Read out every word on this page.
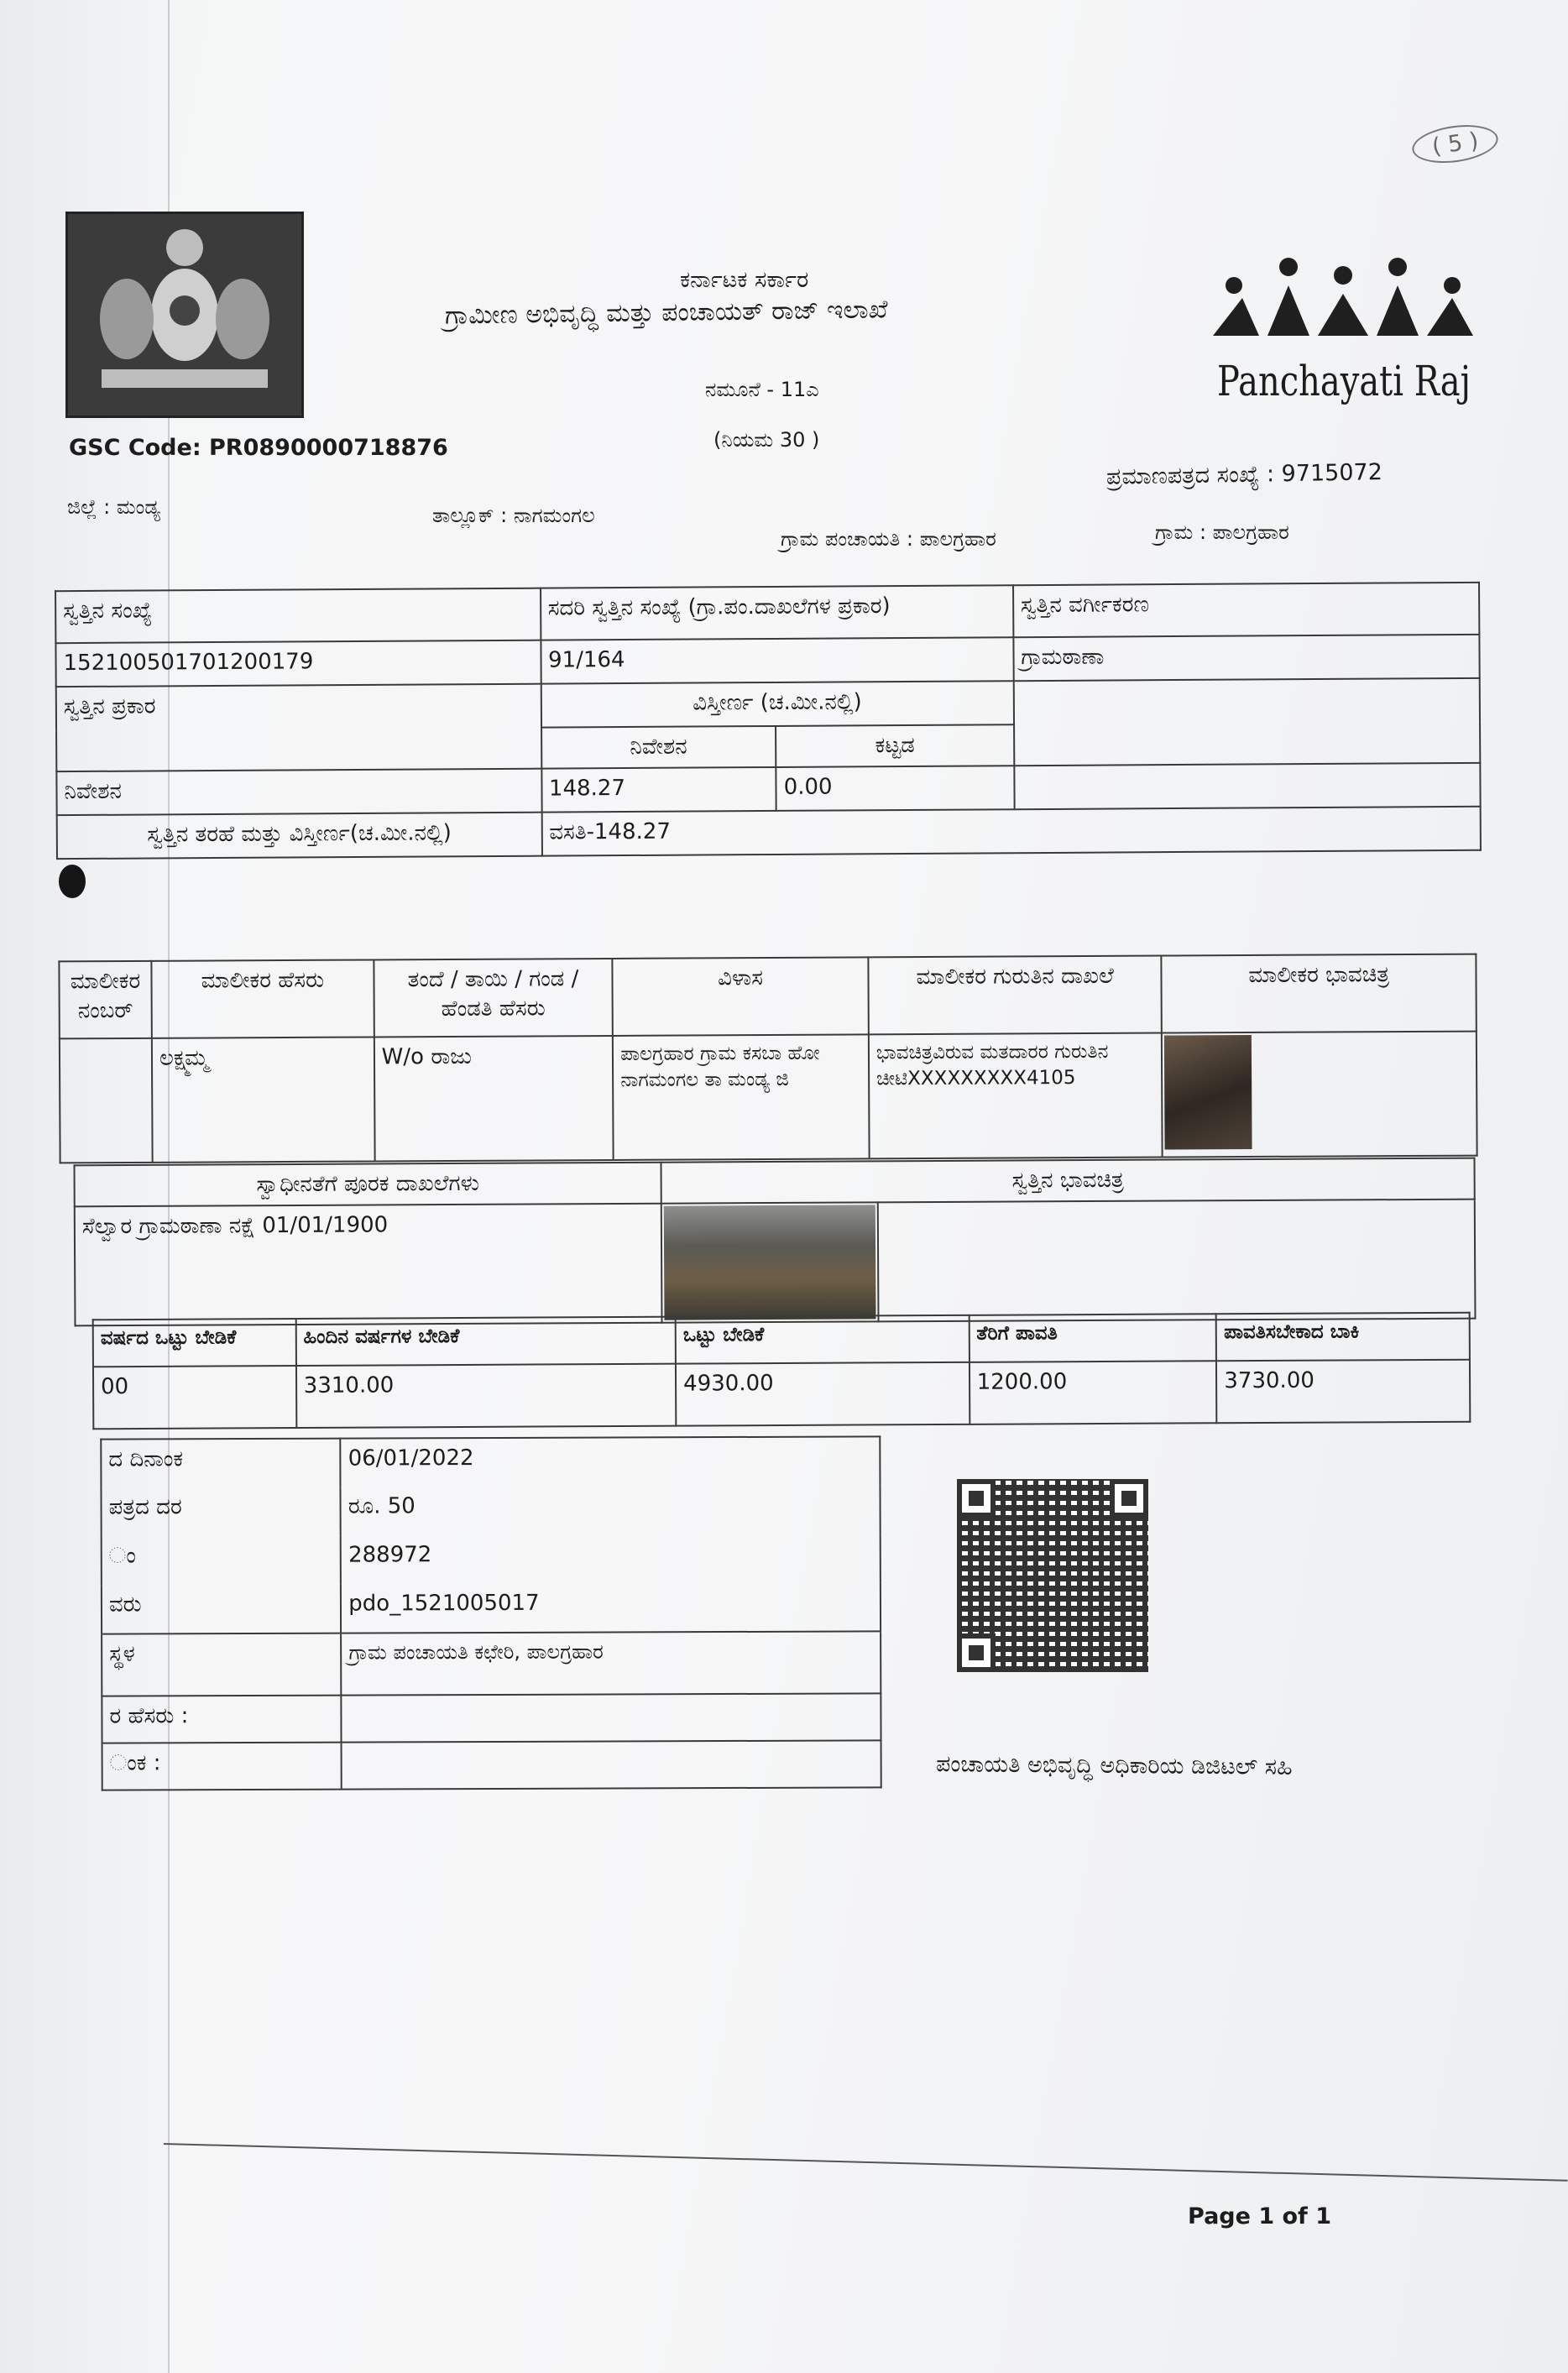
( 5 )
ಕರ್ನಾಟಕ ಸರ್ಕಾರ
ಗ್ರಾಮೀಣ ಅಭಿವೃದ್ಧಿ ಮತ್ತು ಪಂಚಾಯತ್ ರಾಜ್ ಇಲಾಖೆ
ನಮೂನೆ - 11ಎ
(ನಿಯಮ 30 )
Panchayati Raj
GSC Code: PR0890000718876
ಪ್ರಮಾಣಪತ್ರದ ಸಂಖ್ಯೆ : 9715072
ಜಿಲ್ಲೆ : ಮಂಡ್ಯ	ತಾಲ್ಲೂಕ್ : ನಾಗಮಂಗಲ
ಗ್ರಾಮ ಪಂಚಾಯತಿ : ಪಾಲಗ್ರಹಾರ	ಗ್ರಾಮ : ಪಾಲಗ್ರಹಾರ
ಸ್ವತ್ತಿನ ಸಂಖ್ಯೆ	ಸದರಿ ಸ್ವತ್ತಿನ ಸಂಖ್ಯೆ (ಗ್ರಾ.ಪಂ.ದಾಖಲೆಗಳ ಪ್ರಕಾರ)		ಸ್ವತ್ತಿನ ವರ್ಗೀಕರಣ
152100501701200179	91/164		ಗ್ರಾಮಠಾಣಾ
ಸ್ವತ್ತಿನ ಪ್ರಕಾರ	ವಿಸ್ತೀರ್ಣ (ಚ.ಮೀ.ನಲ್ಲಿ)		
	ನಿವೇಶನ	ಕಟ್ಟಡ	
ನಿವೇಶನ	148.27	0.00	
ಸ್ವತ್ತಿನ ತರಹೆ ಮತ್ತು ವಿಸ್ತೀರ್ಣ(ಚ.ಮೀ.ನಲ್ಲಿ)	ವಸತಿ-148.27		
ಮಾಲೀಕರ ನಂಬರ್	ಮಾಲೀಕರ ಹೆಸರು	ತಂದೆ / ತಾಯಿ / ಗಂಡ / ಹೆಂಡತಿ ಹೆಸರು	ವಿಳಾಸ	ಮಾಲೀಕರ ಗುರುತಿನ ದಾಖಲೆ	ಮಾಲೀಕರ ಭಾವಚಿತ್ರ
	ಲಕ್ಷ್ಮಮ್ಮ	W/o ರಾಜು	ಪಾಲಗ್ರಹಾರ ಗ್ರಾಮ ಕಸಬಾ ಹೋ ನಾಗಮಂಗಲ ತಾ ಮಂಡ್ಯ ಜಿ	ಭಾವಚಿತ್ರವಿರುವ ಮತದಾರರ ಗುರುತಿನ ಚೀಟಿXXXXXXXXX4105	
ಸ್ವಾಧೀನತೆಗೆ ಪೂರಕ ದಾಖಲೆಗಳು	ಸ್ವತ್ತಿನ ಭಾವಚಿತ್ರ	
ಸೆಲ್ವಾರ ಗ್ರಾಮಠಾಣಾ ನಕ್ಷೆ 01/01/1900	

ವರ್ಷದ ಒಟ್ಟು ಬೇಡಿಕೆ	ಹಿಂದಿನ ವರ್ಷಗಳ ಬೇಡಿಕೆ	ಒಟ್ಟು ಬೇಡಿಕೆ	ತೆರಿಗೆ ಪಾವತಿ	ಪಾವತಿಸಬೇಕಾದ ಬಾಕಿ
00	3310.00	4930.00	1200.00	3730.00
ದ ದಿನಾಂಕ	06/01/2022
ಪತ್ರದ ದರ	ರೂ. 50
ಂ	288972
ವರು	pdo_1521005017
ಸ್ಥಳ	ಗ್ರಾಮ ಪಂಚಾಯತಿ ಕಛೇರಿ, ಪಾಲಗ್ರಹಾರ
ರ ಹೆಸರು :	
ಂಕ :		ಪಂಚಾಯತಿ ಅಭಿವೃದ್ಧಿ ಅಧಿಕಾರಿಯ ಡಿಜಿಟಲ್ ಸಹಿ
Page 1 of 1
